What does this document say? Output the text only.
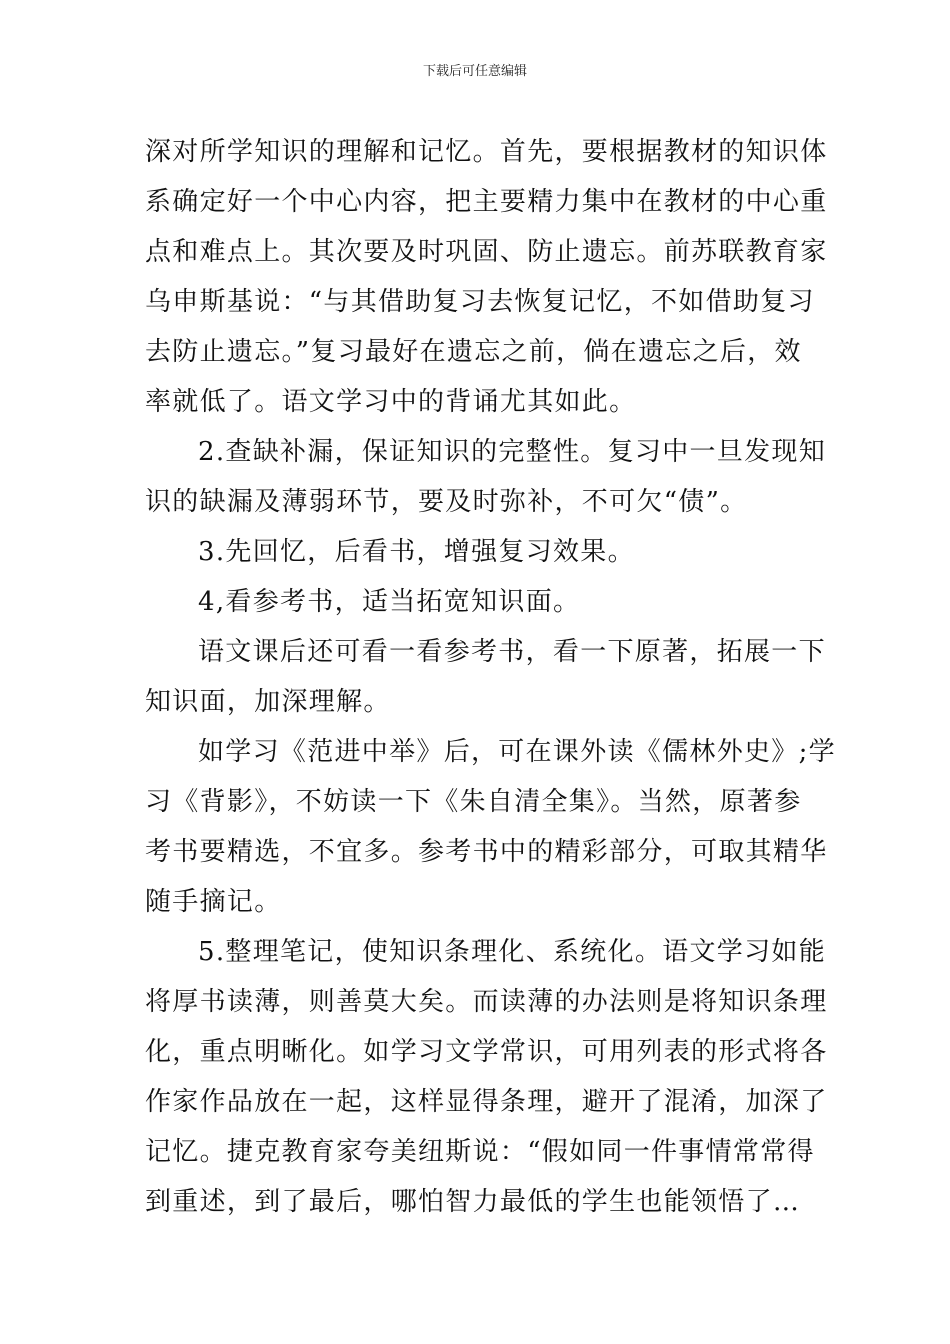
下载后可任意编辑

深对所学知识的理解和记忆。首先，要根据教材的知识体
系确定好一个中心内容，把主要精力集中在教材的中心重
点和难点上。其次要及时巩固、防止遗忘。前苏联教育家
乌申斯基说：“与其借助复习去恢复记忆，不如借助复习
去防止遗忘。”复习最好在遗忘之前，倘在遗忘之后，效
率就低了。语文学习中的背诵尤其如此。

2.查缺补漏，保证知识的完整性。复习中一旦发现知
识的缺漏及薄弱环节，要及时弥补，不可欠“债”。

3.先回忆，后看书，增强复习效果。

4,看参考书，适当拓宽知识面。

语文课后还可看一看参考书，看一下原著，拓展一下
知识面，加深理解。

如学习《范进中举》后，可在课外读《儒林外史》;学
习《背影》，不妨读一下《朱自清全集》。当然，原著参
考书要精选，不宜多。参考书中的精彩部分，可取其精华
随手摘记。

5.整理笔记，使知识条理化、系统化。语文学习如能
将厚书读薄，则善莫大矣。而读薄的办法则是将知识条理
化，重点明晰化。如学习文学常识，可用列表的形式将各
作家作品放在一起，这样显得条理，避开了混淆，加深了
记忆。捷克教育家夸美纽斯说：“假如同一件事情常常得
到重述，到了最后，哪怕智力最低的学生也能领悟了…
